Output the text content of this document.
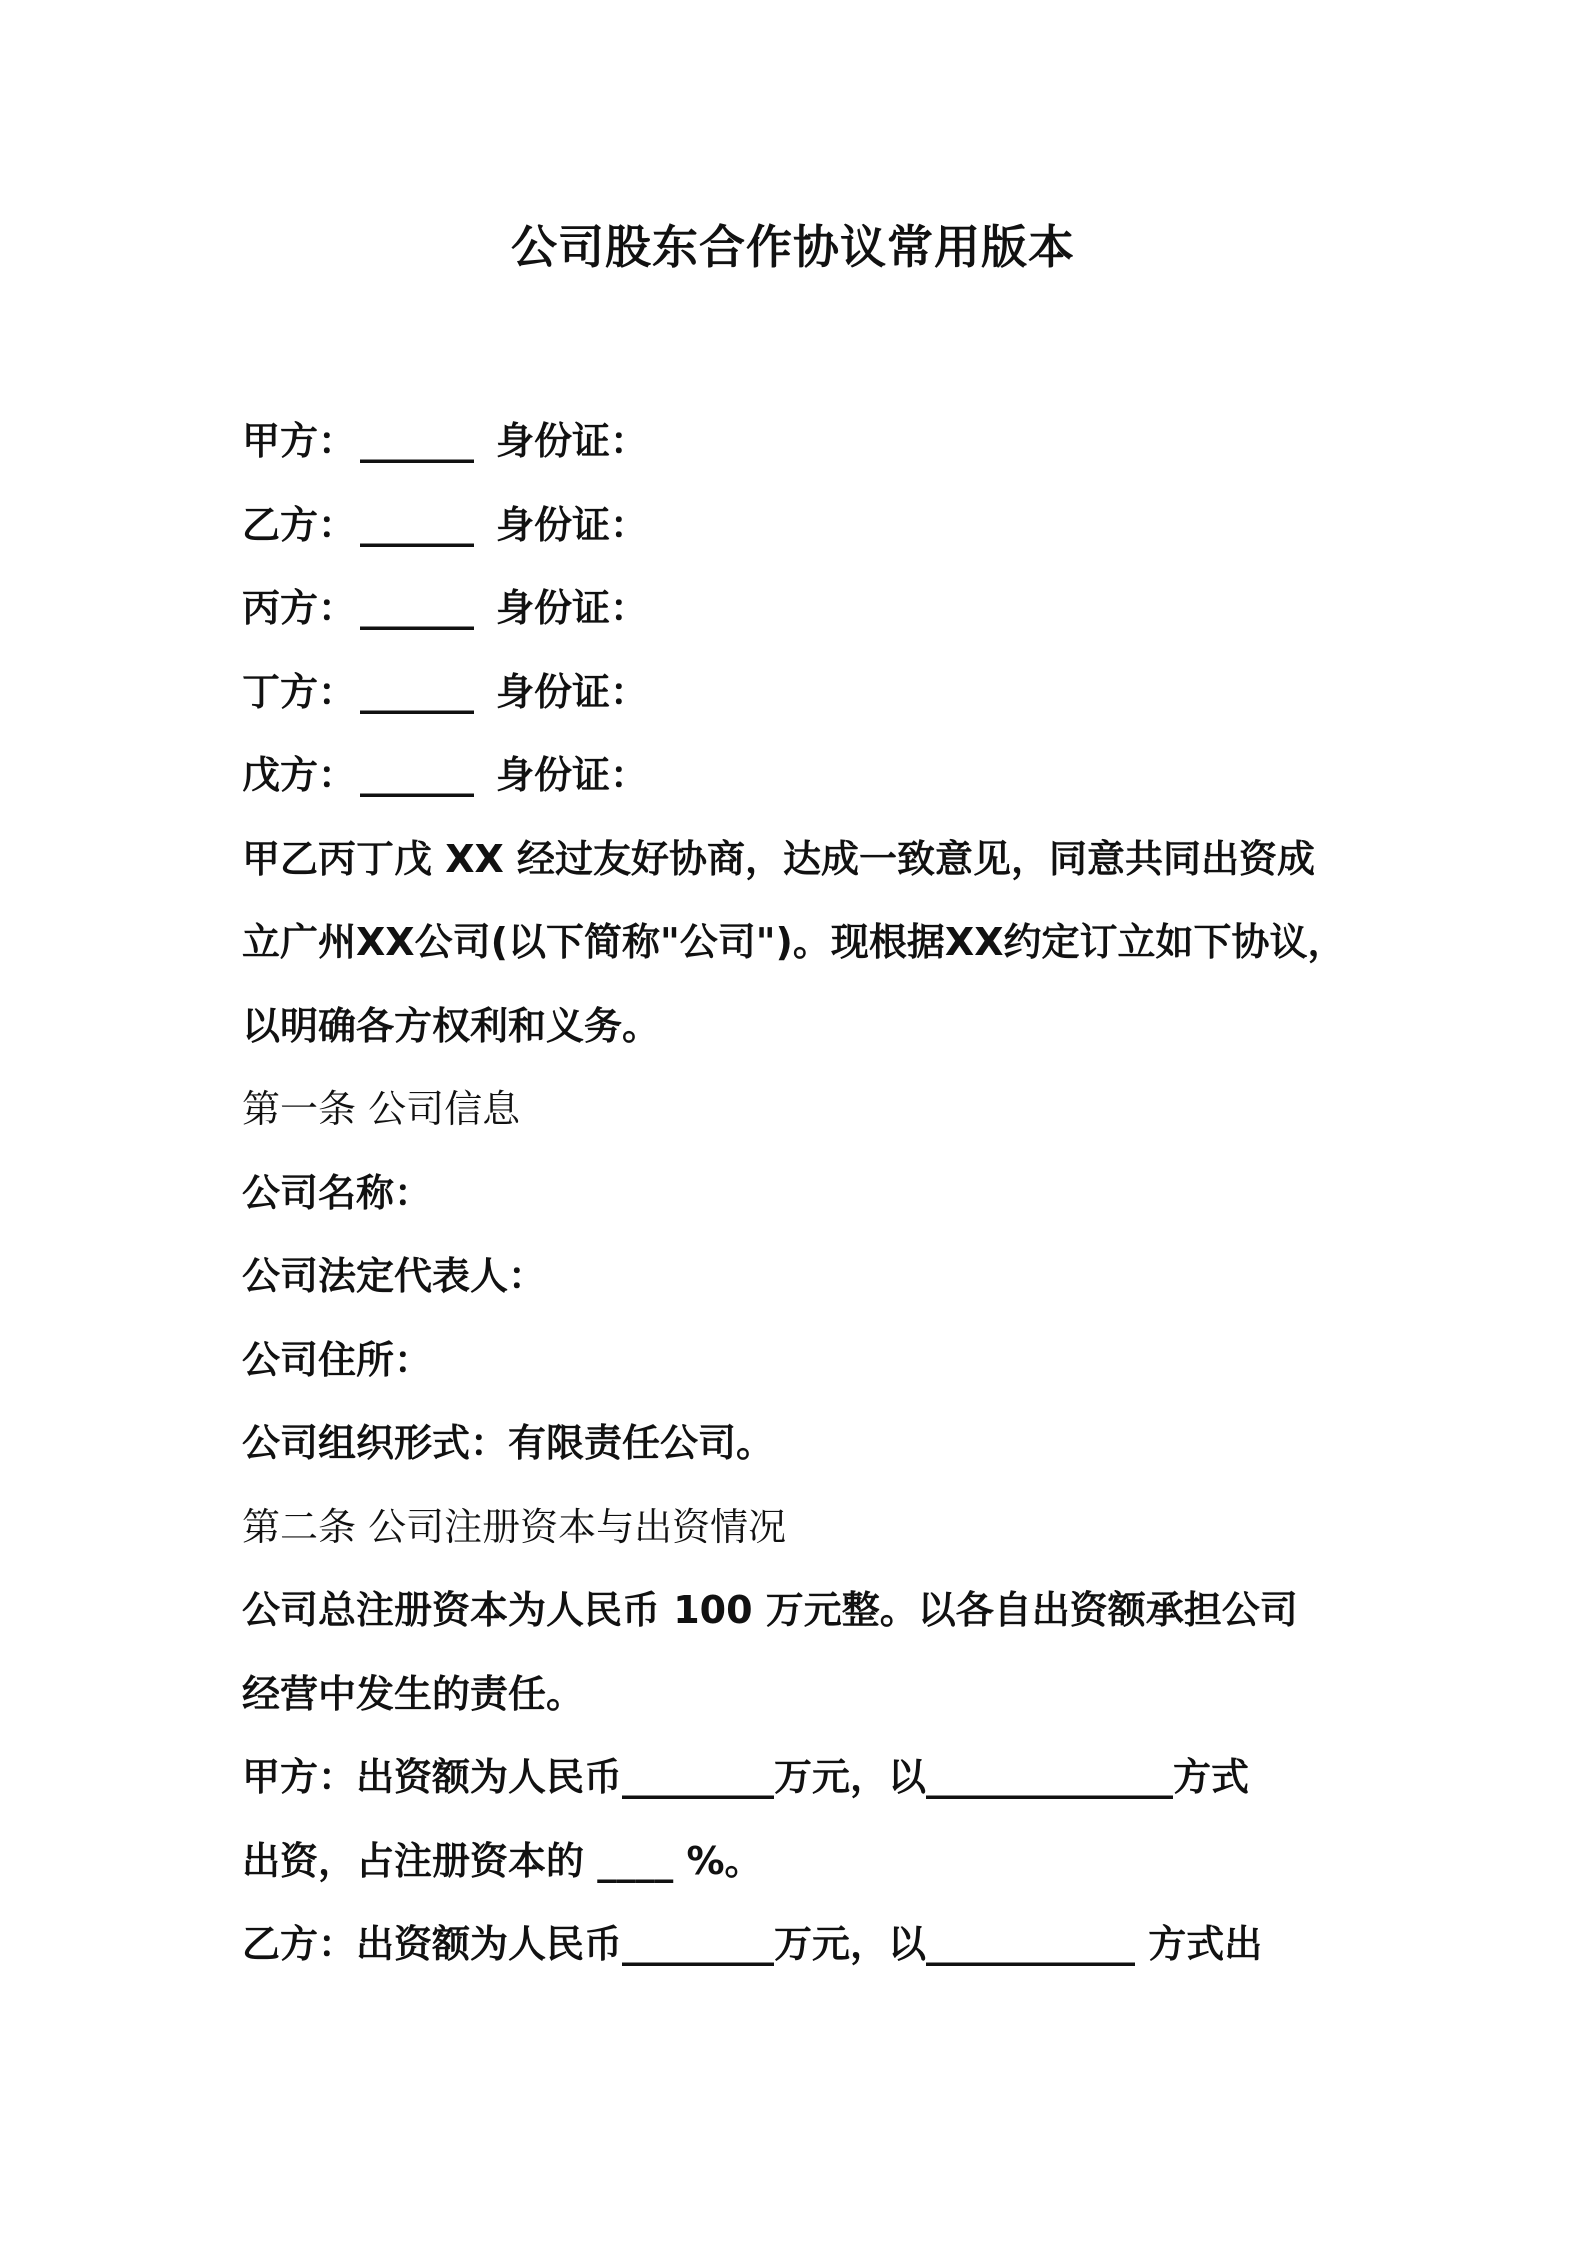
公司股东合作协议常用版本
甲方： ______ 身份证：
乙方： ______ 身份证：
丙方： ______ 身份证：
丁方： ______ 身份证：
戊方： ______ 身份证：
甲乙丙丁戊 XX 经过友好协商，达成一致意见，同意共同出资成
立广州XX公司(以下简称"公司")。现根据XX约定订立如下协议，
以明确各方权利和义务。
第一条 公司信息
公司名称：
公司法定代表人：
公司住所：
公司组织形式：有限责任公司。
第二条 公司注册资本与出资情况
公司总注册资本为人民币 100 万元整。以各自出资额承担公司
经营中发生的责任。
甲方：出资额为人民币________万元，以_____________方式
出资，占注册资本的 ____ %。
乙方：出资额为人民币________万元，以___________ 方式出
